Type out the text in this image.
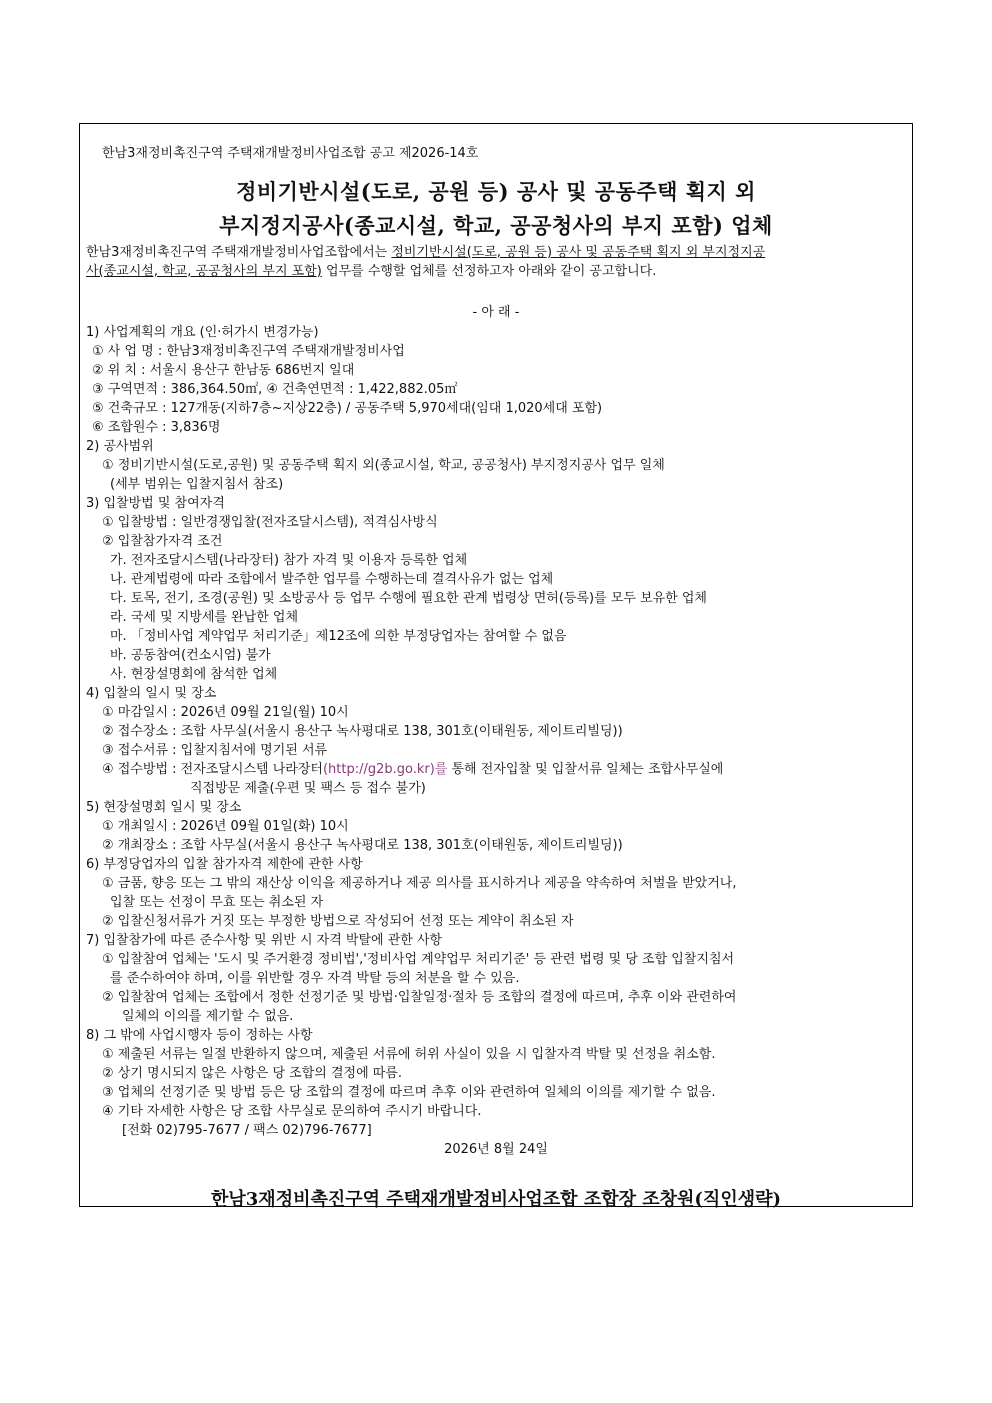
한남3재정비촉진구역 주택재개발정비사업조합 공고 제2026-14호
정비기반시설(도로, 공원 등) 공사 및 공동주택 획지 외
부지정지공사(종교시설, 학교, 공공청사의 부지 포함) 업체
한남3재정비촉진구역 주택재개발정비사업조합에서는 정비기반시설(도로, 공원 등) 공사 및 공동주택 획지 외 부지정지공
사(종교시설, 학교, 공공청사의 부지 포함) 업무를 수행할 업체를 선정하고자 아래와 같이 공고합니다.
- 아 래 -
1) 사업계획의 개요 (인·허가시 변경가능)
① 사 업 명 : 한남3재정비촉진구역 주택재개발정비사업
② 위 치 : 서울시 용산구 한남동 686번지 일대
③ 구역면적 : 386,364.50㎡, ④ 건축연면적 : 1,422,882.05㎡
⑤ 건축규모 : 127개동(지하7층~지상22층) / 공동주택 5,970세대(임대 1,020세대 포함)
⑥ 조합원수 : 3,836명
2) 공사범위
① 정비기반시설(도로,공원) 및 공동주택 획지 외(종교시설, 학교, 공공청사) 부지정지공사 업무 일체
(세부 범위는 입찰지침서 참조)
3) 입찰방법 및 참여자격
① 입찰방법 : 일반경쟁입찰(전자조달시스템), 적격심사방식
② 입찰참가자격 조건
가. 전자조달시스템(나라장터) 참가 자격 및 이용자 등록한 업체
나. 관계법령에 따라 조합에서 발주한 업무를 수행하는데 결격사유가 없는 업체
다. 토목, 전기, 조경(공원) 및 소방공사 등 업무 수행에 필요한 관계 법령상 면허(등록)를 모두 보유한 업체
라. 국세 및 지방세를 완납한 업체
마. 「정비사업 계약업무 처리기준」제12조에 의한 부정당업자는 참여할 수 없음
바. 공동참여(컨소시엄) 불가
사. 현장설명회에 참석한 업체
4) 입찰의 일시 및 장소
① 마감일시 : 2026년 09월 21일(월) 10시
② 접수장소 : 조합 사무실(서울시 용산구 녹사평대로 138, 301호(이태원동, 제이트리빌딩))
③ 접수서류 : 입찰지침서에 명기된 서류
④ 접수방법 : 전자조달시스템 나라장터(http://g2b.go.kr)를 통해 전자입찰 및 입찰서류 일체는 조합사무실에
직접방문 제출(우편 및 팩스 등 접수 불가)
5) 현장설명회 일시 및 장소
① 개최일시 : 2026년 09월 01일(화) 10시
② 개최장소 : 조합 사무실(서울시 용산구 녹사평대로 138, 301호(이태원동, 제이트리빌딩))
6) 부정당업자의 입찰 참가자격 제한에 관한 사항
① 금품, 향응 또는 그 밖의 재산상 이익을 제공하거나 제공 의사를 표시하거나 제공을 약속하여 처벌을 받았거나,
입찰 또는 선정이 무효 또는 취소된 자
② 입찰신청서류가 거짓 또는 부정한 방법으로 작성되어 선정 또는 계약이 취소된 자
7) 입찰참가에 따른 준수사항 및 위반 시 자격 박탈에 관한 사항
① 입찰참여 업체는 '도시 및 주거환경 정비법','정비사업 계약업무 처리기준' 등 관련 법령 및 당 조합 입찰지침서
를 준수하여야 하며, 이를 위반할 경우 자격 박탈 등의 처분을 할 수 있음.
② 입찰참여 업체는 조합에서 정한 선정기준 및 방법·입찰일정·절차 등 조합의 결정에 따르며, 추후 이와 관련하여
일체의 이의를 제기할 수 없음.
8) 그 밖에 사업시행자 등이 정하는 사항
① 제출된 서류는 일절 반환하지 않으며, 제출된 서류에 허위 사실이 있을 시 입찰자격 박탈 및 선정을 취소함.
② 상기 명시되지 않은 사항은 당 조합의 결정에 따름.
③ 업체의 선정기준 및 방법 등은 당 조합의 결정에 따르며 추후 이와 관련하여 일체의 이의를 제기할 수 없음.
④ 기타 자세한 사항은 당 조합 사무실로 문의하여 주시기 바랍니다.
[전화 02)795-7677 / 팩스 02)796-7677]
2026년 8월 24일
한남3재정비촉진구역 주택재개발정비사업조합 조합장 조창원(직인생략)
